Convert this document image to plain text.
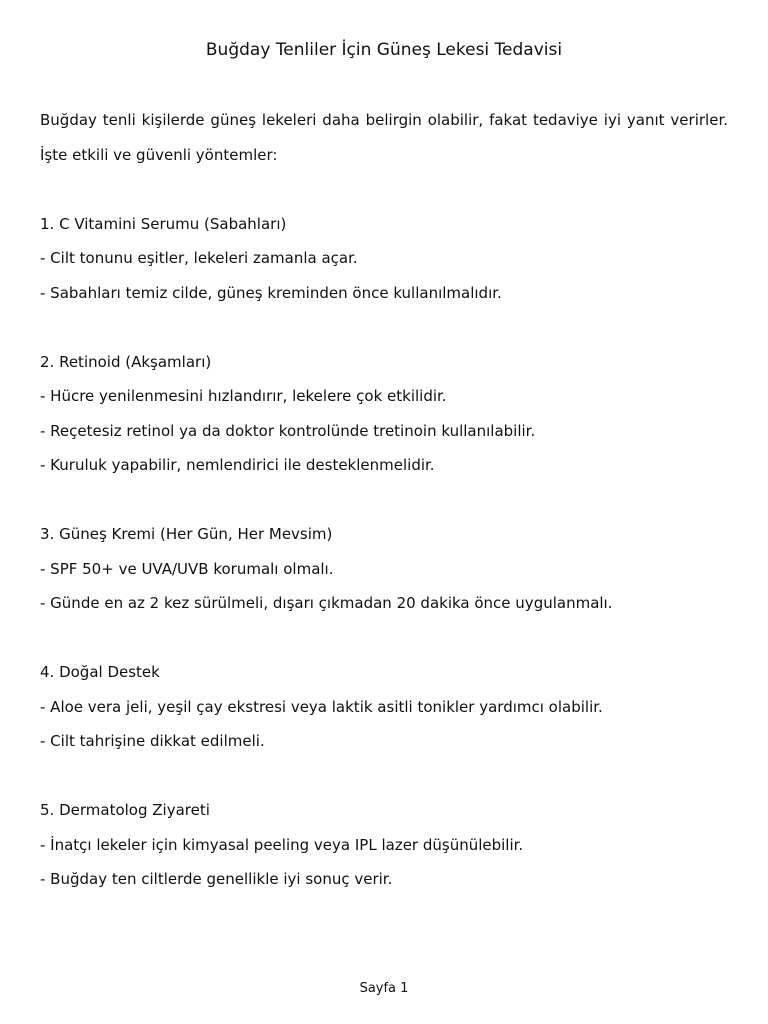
Buğday Tenliler İçin Güneş Lekesi Tedavisi

Buğday tenli kişilerde güneş lekeleri daha belirgin olabilir, fakat tedaviye iyi yanıt verirler. İşte etkili ve güvenli yöntemler:

1. C Vitamini Serumu (Sabahları)

- Cilt tonunu eşitler, lekeleri zamanla açar.

- Sabahları temiz cilde, güneş kreminden önce kullanılmalıdır.

2. Retinoid (Akşamları)

- Hücre yenilenmesini hızlandırır, lekelere çok etkilidir.

- Reçetesiz retinol ya da doktor kontrolünde tretinoin kullanılabilir.

- Kuruluk yapabilir, nemlendirici ile desteklenmelidir.

3. Güneş Kremi (Her Gün, Her Mevsim)

- SPF 50+ ve UVA/UVB korumalı olmalı.

- Günde en az 2 kez sürülmeli, dışarı çıkmadan 20 dakika önce uygulanmalı.

4. Doğal Destek

- Aloe vera jeli, yeşil çay ekstresi veya laktik asitli tonikler yardımcı olabilir.

- Cilt tahrişine dikkat edilmeli.

5. Dermatolog Ziyareti

- İnatçı lekeler için kimyasal peeling veya IPL lazer düşünülebilir.

- Buğday ten ciltlerde genellikle iyi sonuç verir.

Sayfa 1
